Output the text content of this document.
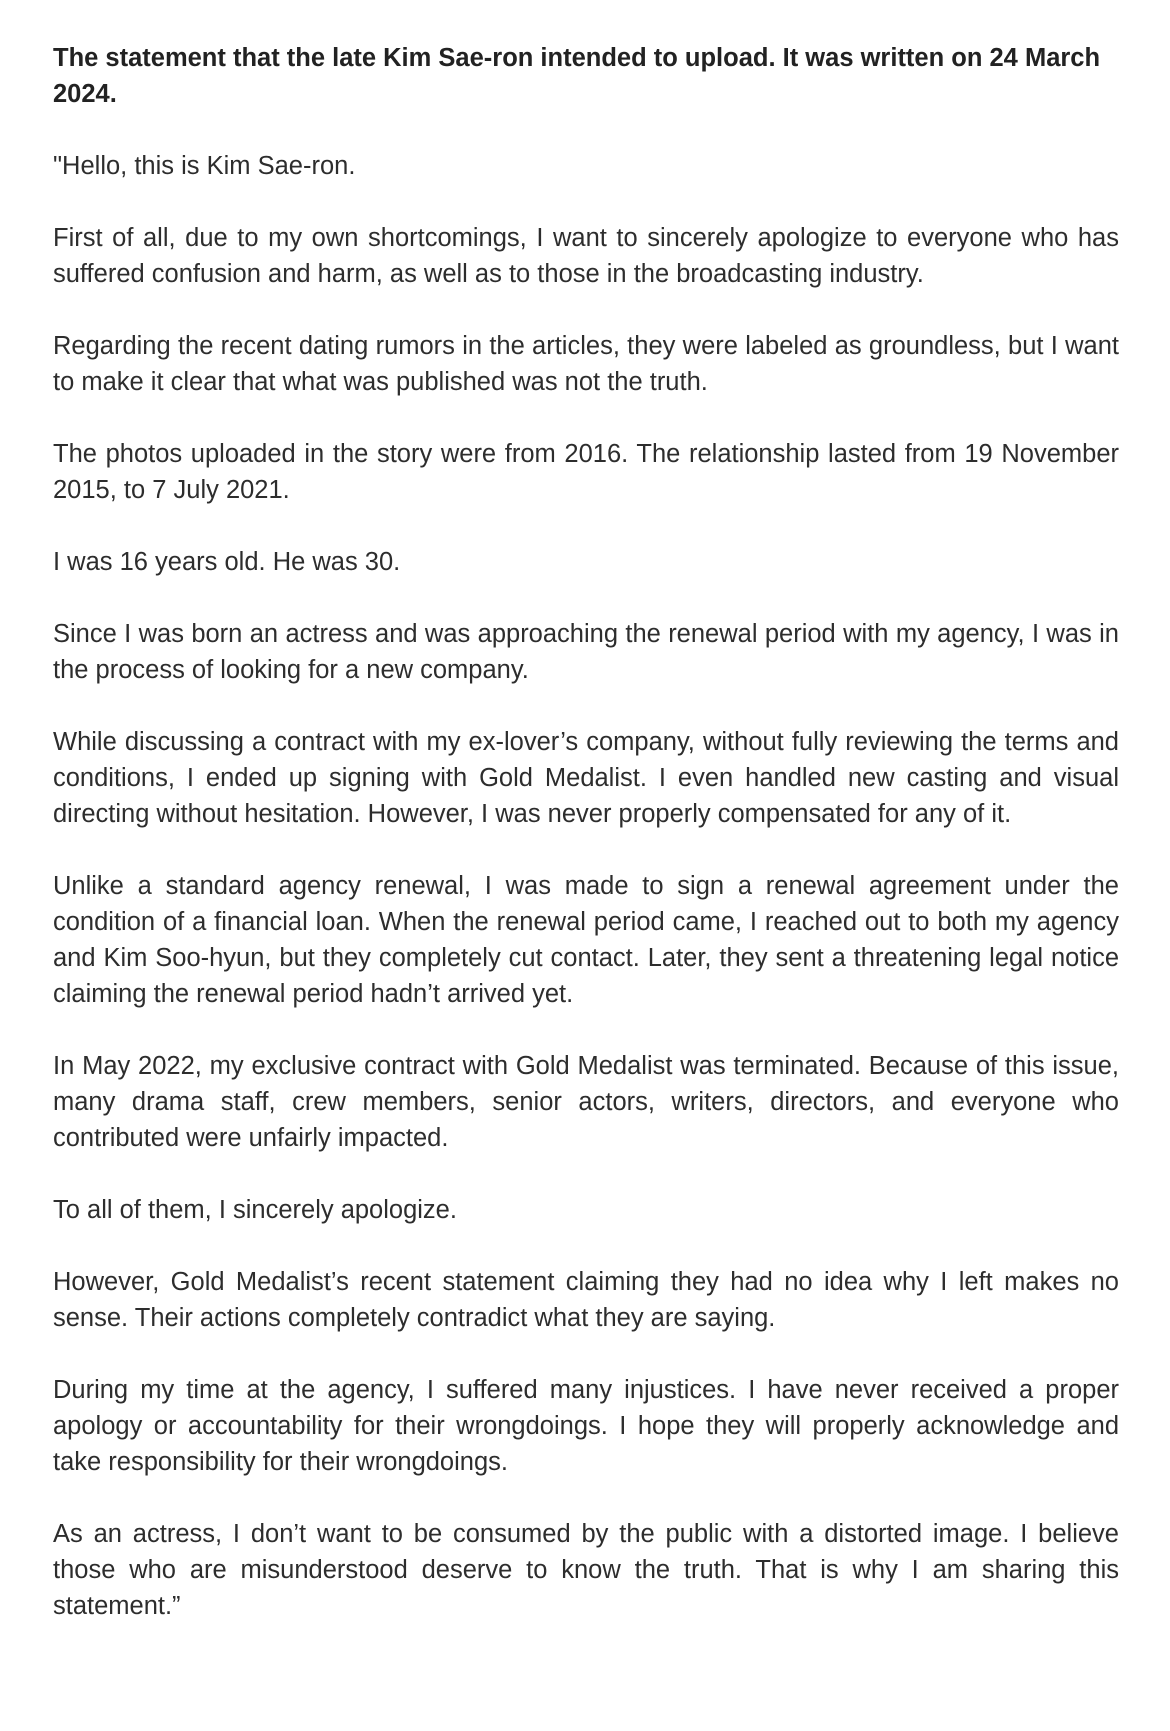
The statement that the late Kim Sae-ron intended to upload. It was written on 24 March 2024.
"Hello, this is Kim Sae-ron.
First of all, due to my own shortcomings, I want to sincerely apologize to everyone who has suffered confusion and harm, as well as to those in the broadcasting industry.
Regarding the recent dating rumors in the articles, they were labeled as groundless, but I want to make it clear that what was published was not the truth.
The photos uploaded in the story were from 2016. The relationship lasted from 19 November 2015, to 7 July 2021.
I was 16 years old. He was 30.
Since I was born an actress and was approaching the renewal period with my agency, I was in the process of looking for a new company.
While discussing a contract with my ex-lover’s company, without fully reviewing the terms and conditions, I ended up signing with Gold Medalist. I even handled new casting and visual directing without hesitation. However, I was never properly compensated for any of it.
Unlike a standard agency renewal, I was made to sign a renewal agreement under the condition of a financial loan. When the renewal period came, I reached out to both my agency and Kim Soo-hyun, but they completely cut contact. Later, they sent a threatening legal notice claiming the renewal period hadn’t arrived yet.
In May 2022, my exclusive contract with Gold Medalist was terminated. Because of this issue, many drama staff, crew members, senior actors, writers, directors, and everyone who contributed were unfairly impacted.
To all of them, I sincerely apologize.
However, Gold Medalist’s recent statement claiming they had no idea why I left makes no sense. Their actions completely contradict what they are saying.
During my time at the agency, I suffered many injustices. I have never received a proper apology or accountability for their wrongdoings. I hope they will properly acknowledge and take responsibility for their wrongdoings.
As an actress, I don’t want to be consumed by the public with a distorted image. I believe those who are misunderstood deserve to know the truth. That is why I am sharing this statement.”
